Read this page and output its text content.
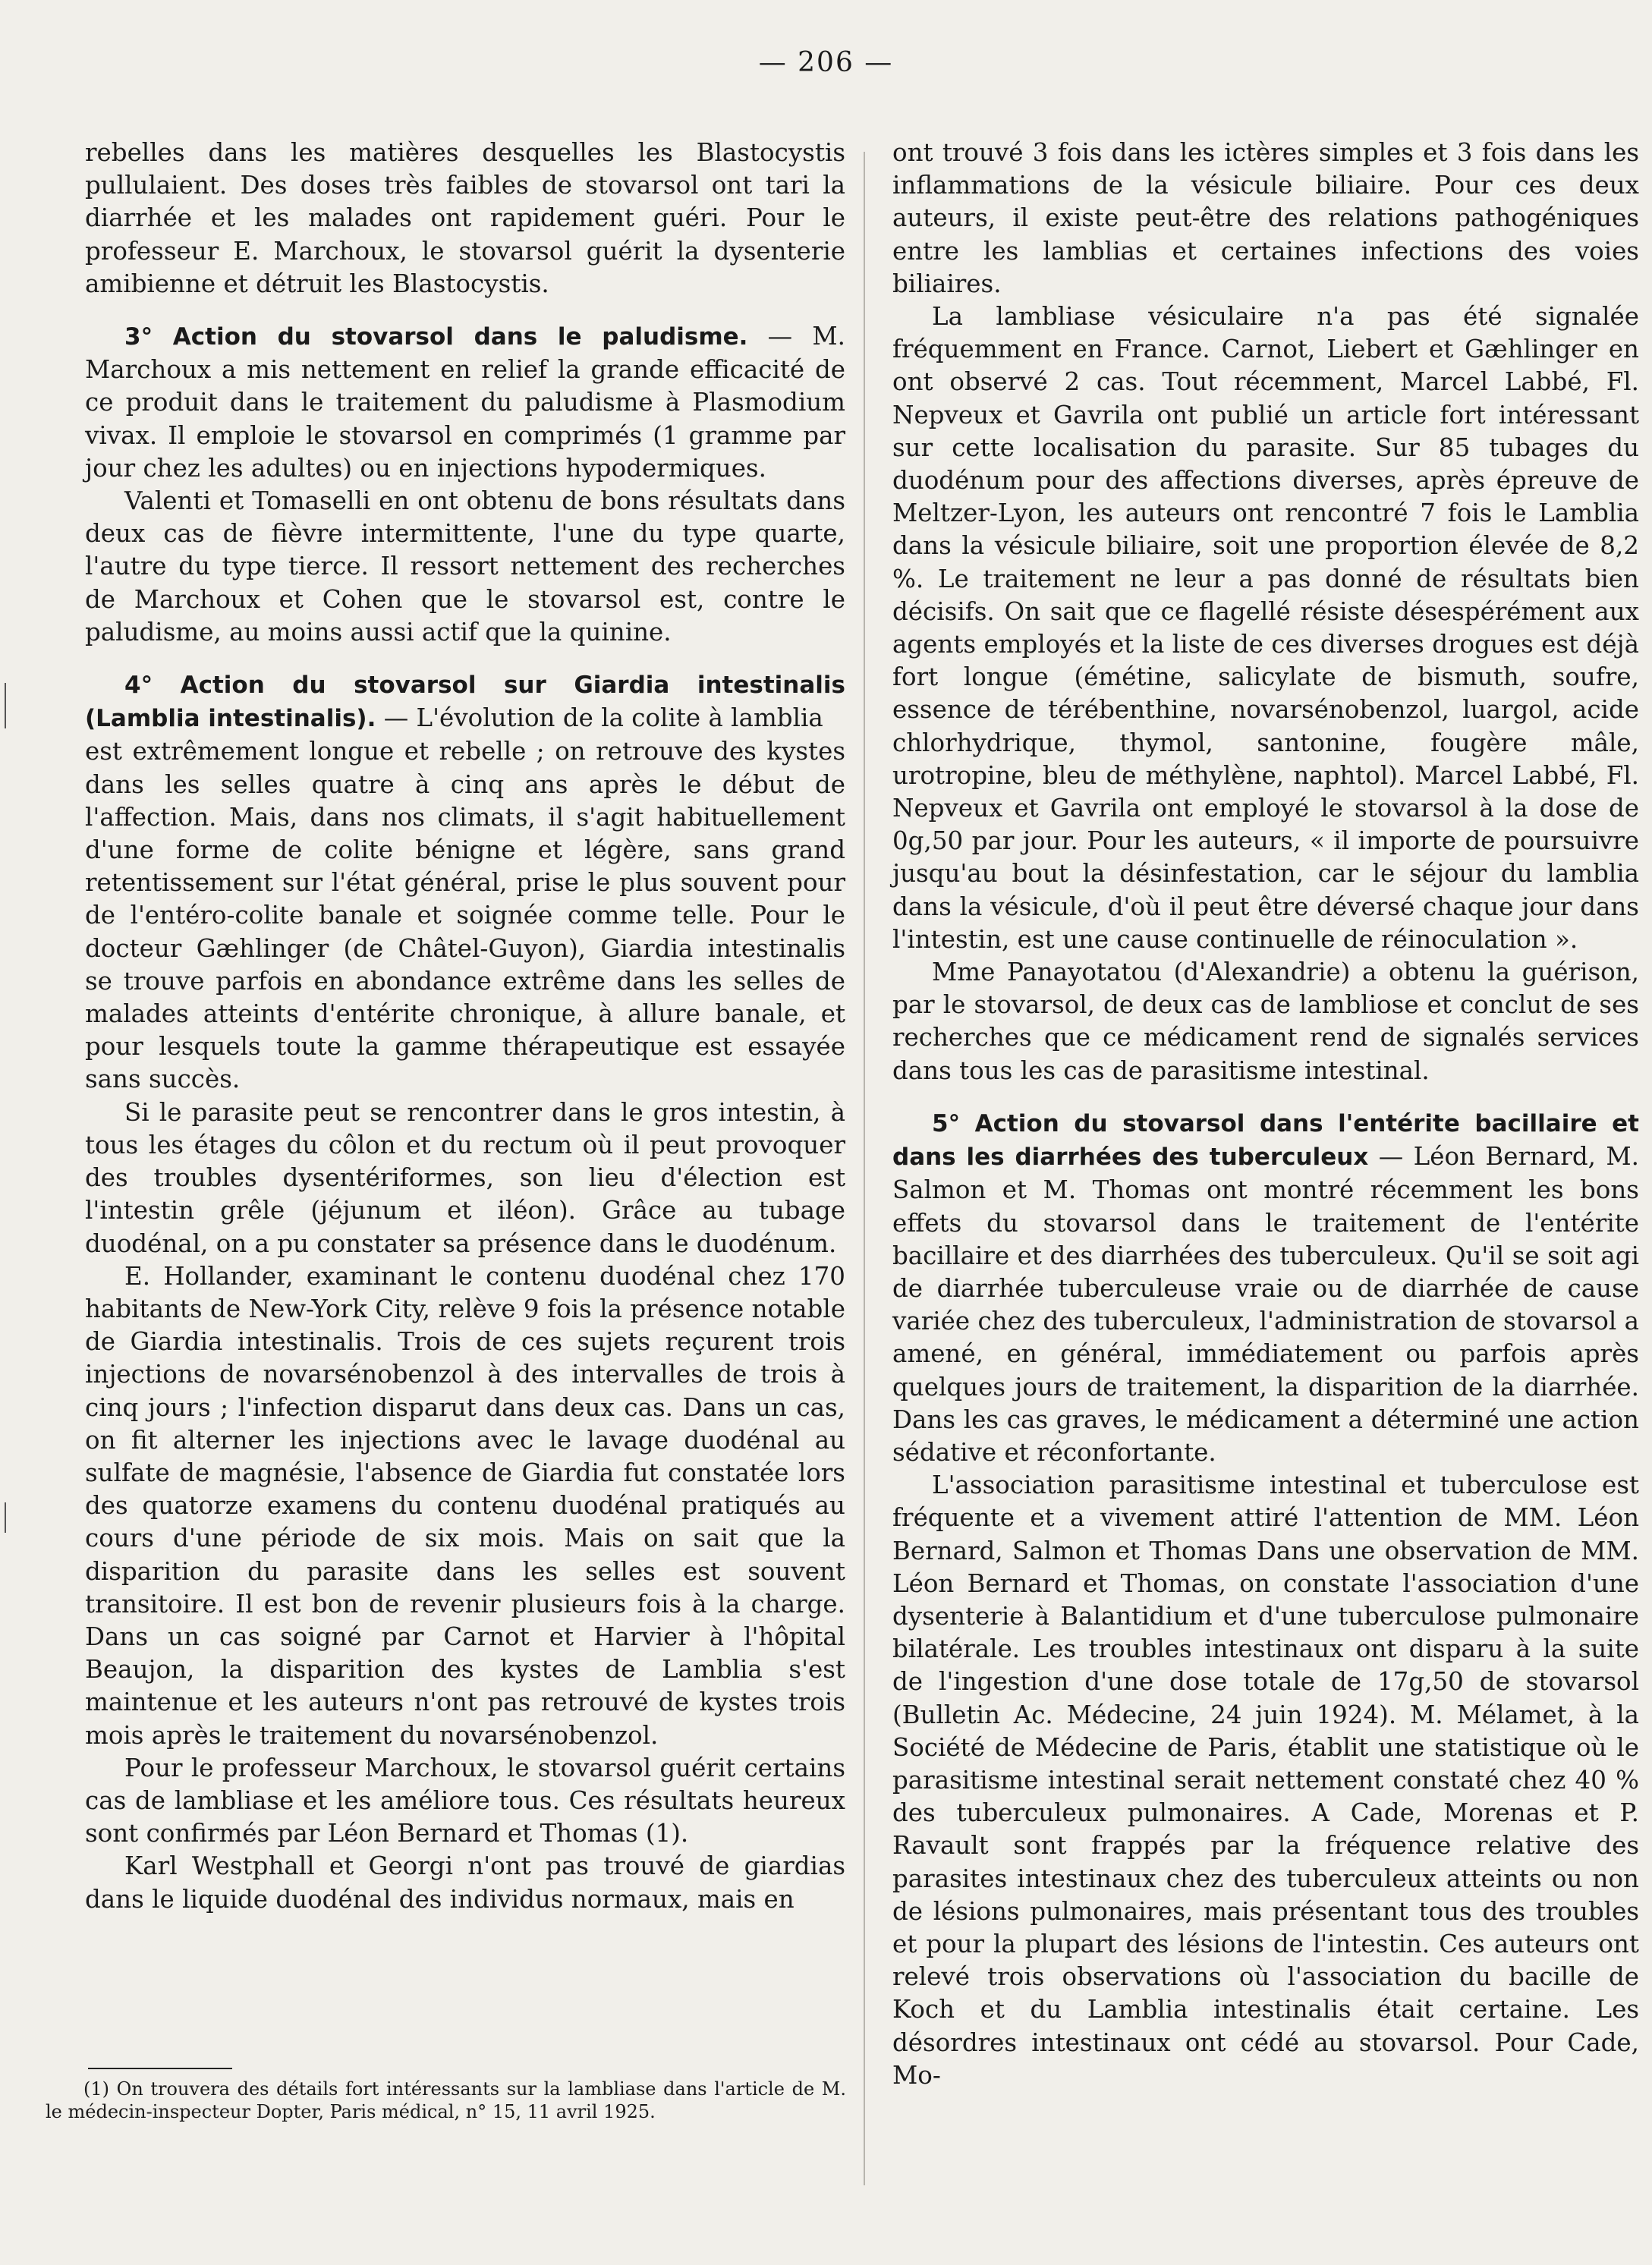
— 206 —

rebelles dans les matières desquelles les Blastocystis pullulaient. Des doses très faibles de stovarsol ont tari la diarrhée et les malades ont rapidement guéri. Pour le professeur E. Marchoux, le stovarsol guérit la dysenterie amibienne et détruit les Blastocystis.

3° Action du stovarsol dans le paludisme. — M. Marchoux a mis nettement en relief la grande efficacité de ce produit dans le traitement du paludisme à Plasmodium vivax. Il emploie le stovarsol en comprimés (1 gramme par jour chez les adultes) ou en injections hypodermiques.

Valenti et Tomaselli en ont obtenu de bons résultats dans deux cas de fièvre intermittente, l'une du type quarte, l'autre du type tierce. Il ressort nettement des recherches de Marchoux et Cohen que le stovarsol est, contre le paludisme, au moins aussi actif que la quinine.

4° Action du stovarsol sur Giardia intestinalis (Lamblia intestinalis). — L'évolution de la colite à lamblia

est extrêmement longue et rebelle ; on retrouve des kystes dans les selles quatre à cinq ans après le début de l'affection. Mais, dans nos climats, il s'agit habituellement d'une forme de colite bénigne et légère, sans grand retentissement sur l'état général, prise le plus souvent pour de l'entéro-colite banale et soignée comme telle. Pour le docteur Gæhlinger (de Châtel-Guyon), Giardia intestinalis se trouve parfois en abondance extrême dans les selles de malades atteints d'entérite chronique, à allure banale, et pour lesquels toute la gamme thérapeutique est essayée sans succès.

Si le parasite peut se rencontrer dans le gros intestin, à tous les étages du côlon et du rectum où il peut provoquer des troubles dysentériformes, son lieu d'élection est l'intestin grêle (jéjunum et iléon). Grâce au tubage duodénal, on a pu constater sa présence dans le duodénum.

E. Hollander, examinant le contenu duodénal chez 170 habitants de New-York City, relève 9 fois la présence notable de Giardia intestinalis. Trois de ces sujets reçurent trois injections de novarsénobenzol à des intervalles de trois à cinq jours ; l'infection disparut dans deux cas. Dans un cas, on fit alterner les injections avec le lavage duodénal au sulfate de magnésie, l'absence de Giardia fut constatée lors des quatorze examens du contenu duodénal pratiqués au cours d'une période de six mois. Mais on sait que la disparition du parasite dans les selles est souvent transitoire. Il est bon de revenir plusieurs fois à la charge. Dans un cas soigné par Carnot et Harvier à l'hôpital Beaujon, la disparition des kystes de Lamblia s'est maintenue et les auteurs n'ont pas retrouvé de kystes trois mois après le traitement du novarsénobenzol.

Pour le professeur Marchoux, le stovarsol guérit certains cas de lambliase et les améliore tous. Ces résultats heureux sont confirmés par Léon Bernard et Thomas (1).

Karl Westphall et Georgi n'ont pas trouvé de giardias dans le liquide duodénal des individus normaux, mais en

ont trouvé 3 fois dans les ictères simples et 3 fois dans les inflammations de la vésicule biliaire. Pour ces deux auteurs, il existe peut-être des relations pathogéniques entre les lamblias et certaines infections des voies biliaires.

La lambliase vésiculaire n'a pas été signalée fréquemment en France. Carnot, Liebert et Gæhlinger en ont observé 2 cas. Tout récemment, Marcel Labbé, Fl. Nepveux et Gavrila ont publié un article fort intéressant sur cette localisation du parasite. Sur 85 tubages du duodénum pour des affections diverses, après épreuve de Meltzer-Lyon, les auteurs ont rencontré 7 fois le Lamblia dans la vésicule biliaire, soit une proportion élevée de 8,2 %. Le traitement ne leur a pas donné de résultats bien décisifs. On sait que ce flagellé résiste désespérément aux agents employés et la liste de ces diverses drogues est déjà fort longue (émétine, salicylate de bismuth, soufre, essence de térébenthine, novarsénobenzol, luargol, acide chlorhydrique, thymol, santonine, fougère mâle, urotropine, bleu de méthylène, naphtol). Marcel Labbé, Fl. Nepveux et Gavrila ont employé le stovarsol à la dose de 0g,50 par jour. Pour les auteurs, « il importe de poursuivre jusqu'au bout la désinfestation, car le séjour du lamblia dans la vésicule, d'où il peut être déversé chaque jour dans l'intestin, est une cause continuelle de réinoculation ».

Mme Panayotatou (d'Alexandrie) a obtenu la guérison, par le stovarsol, de deux cas de lambliose et conclut de ses recherches que ce médicament rend de signalés services dans tous les cas de parasitisme intestinal.

5° Action du stovarsol dans l'entérite bacillaire et dans les diarrhées des tuberculeux — Léon Bernard, M. Salmon et M. Thomas ont montré récemment les bons effets du stovarsol dans le traitement de l'entérite bacillaire et des diarrhées des tuberculeux. Qu'il se soit agi de diarrhée tuberculeuse vraie ou de diarrhée de cause variée chez des tuberculeux, l'administration de stovarsol a amené, en général, immédiatement ou parfois après quelques jours de traitement, la disparition de la diarrhée. Dans les cas graves, le médicament a déterminé une action sédative et réconfortante.

L'association parasitisme intestinal et tuberculose est fréquente et a vivement attiré l'attention de MM. Léon Bernard, Salmon et Thomas Dans une observation de MM. Léon Bernard et Thomas, on constate l'association d'une dysenterie à Balantidium et d'une tuberculose pulmonaire bilatérale. Les troubles intestinaux ont disparu à la suite de l'ingestion d'une dose totale de 17g,50 de stovarsol (Bulletin Ac. Médecine, 24 juin 1924). M. Mélamet, à la Société de Médecine de Paris, établit une statistique où le parasitisme intestinal serait nettement constaté chez 40 % des tuberculeux pulmonaires. A Cade, Morenas et P. Ravault sont frappés par la fréquence relative des parasites intestinaux chez des tuberculeux atteints ou non de lésions pulmonaires, mais présentant tous des troubles et pour la plupart des lésions de l'intestin. Ces auteurs ont relevé trois observations où l'association du bacille de Koch et du Lamblia intestinalis était certaine. Les désordres intestinaux ont cédé au stovarsol. Pour Cade, Mo-

(1) On trouvera des détails fort intéressants sur la lambliase dans l'article de M. le médecin-inspecteur Dopter, Paris médical, n° 15, 11 avril 1925.
